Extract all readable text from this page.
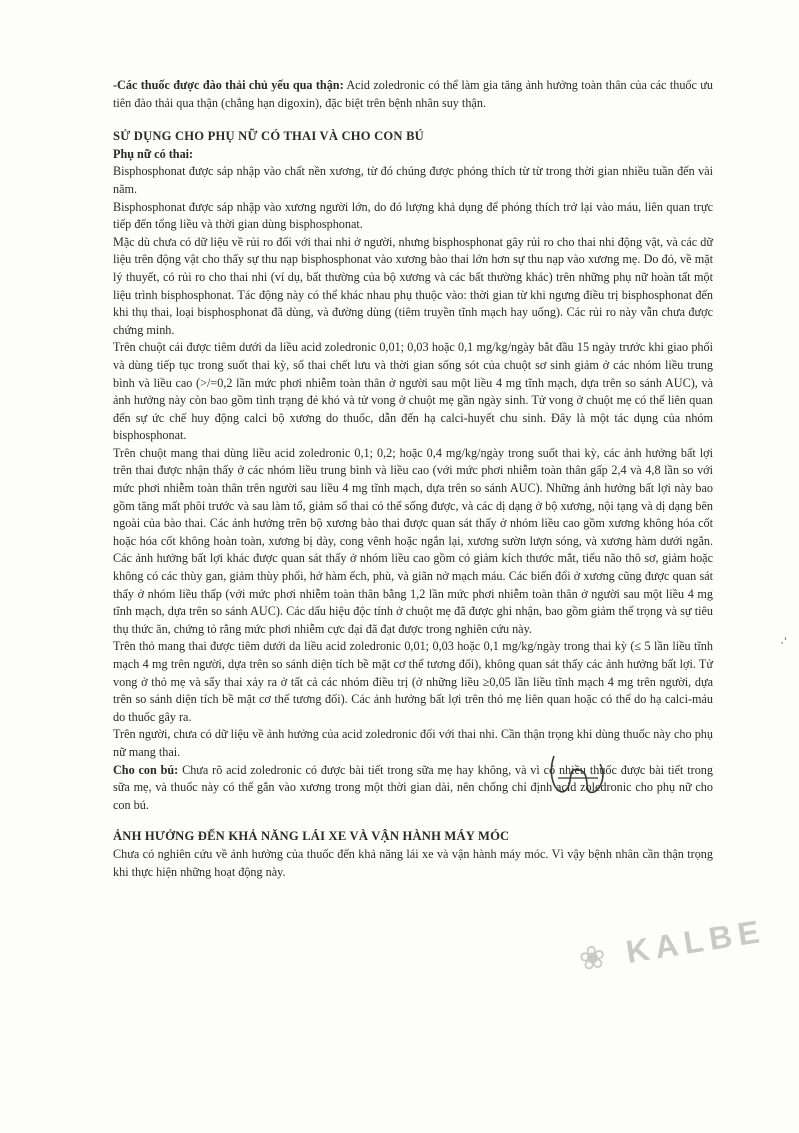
-Các thuốc được đào thải chủ yếu qua thận: Acid zoledronic có thể làm gia tăng ảnh hưởng toàn thân của các thuốc ưu tiên đào thải qua thận (chẳng hạn digoxin), đặc biệt trên bệnh nhân suy thận.

SỬ DỤNG CHO PHỤ NỮ CÓ THAI VÀ CHO CON BÚ

Phụ nữ có thai:

Bisphosphonat được sáp nhập vào chất nền xương, từ đó chúng được phóng thích từ từ trong thời gian nhiều tuần đến vài năm.

Bisphosphonat được sáp nhập vào xương người lớn, do đó lượng khả dụng để phóng thích trở lại vào máu, liên quan trực tiếp đến tổng liều và thời gian dùng bisphosphonat.

Mặc dù chưa có dữ liệu về rủi ro đối với thai nhi ở người, nhưng bisphosphonat gây rủi ro cho thai nhi động vật, và các dữ liệu trên động vật cho thấy sự thu nạp bisphosphonat vào xương bào thai lớn hơn sự thu nạp vào xương mẹ. Do đó, về mặt lý thuyết, có rủi ro cho thai nhi (ví dụ, bất thường của bộ xương và các bất thường khác) trên những phụ nữ hoàn tất một liệu trình bisphosphonat. Tác động này có thể khác nhau phụ thuộc vào: thời gian từ khi ngưng điều trị bisphosphonat đến khi thụ thai, loại bisphosphonat đã dùng, và đường dùng (tiêm truyền tĩnh mạch hay uống). Các rủi ro này vẫn chưa được chứng minh.

Trên chuột cái được tiêm dưới da liều acid zoledronic 0,01; 0,03 hoặc 0,1 mg/kg/ngày bắt đầu 15 ngày trước khi giao phối và dùng tiếp tục trong suốt thai kỳ, số thai chết lưu và thời gian sống sót của chuột sơ sinh giảm ở các nhóm liều trung bình và liều cao (>/=0,2 lần mức phơi nhiễm toàn thân ở người sau một liều 4 mg tĩnh mạch, dựa trên so sánh AUC), và ảnh hưởng này còn bao gồm tình trạng đẻ khó và tử vong ở chuột mẹ gần ngày sinh. Tử vong ở chuột mẹ có thể liên quan đến sự ức chế huy động calci bộ xương do thuốc, dẫn đến hạ calci-huyết chu sinh. Đây là một tác dụng của nhóm bisphosphonat.

Trên chuột mang thai dùng liều acid zoledronic 0,1; 0,2; hoặc 0,4 mg/kg/ngày trong suốt thai kỳ, các ảnh hưởng bất lợi trên thai được nhận thấy ở các nhóm liều trung bình và liều cao (với mức phơi nhiễm toàn thân gấp 2,4 và 4,8 lần so với mức phơi nhiễm toàn thân trên người sau liều 4 mg tĩnh mạch, dựa trên so sánh AUC). Những ảnh hưởng bất lợi này bao gồm tăng mất phôi trước và sau làm tổ, giảm số thai có thể sống được, và các dị dạng ở bộ xương, nội tạng và dị dạng bên ngoài của bào thai. Các ảnh hưởng trên bộ xương bào thai được quan sát thấy ở nhóm liều cao gồm xương không hóa cốt hoặc hóa cốt không hoàn toàn, xương bị dày, cong vênh hoặc ngắn lại, xương sườn lượn sóng, và xương hàm dưới ngắn. Các ảnh hưởng bất lợi khác được quan sát thấy ở nhóm liều cao gồm có giảm kích thước mắt, tiểu não thô sơ, giảm hoặc không có các thùy gan, giảm thùy phổi, hở hàm ếch, phù, và giãn nở mạch máu. Các biến đổi ở xương cũng được quan sát thấy ở nhóm liều thấp (với mức phơi nhiễm toàn thân bằng 1,2 lần mức phơi nhiễm toàn thân ở người sau một liều 4 mg tĩnh mạch, dựa trên so sánh AUC). Các dấu hiệu độc tính ở chuột mẹ đã được ghi nhận, bao gồm giảm thể trọng và sự tiêu thụ thức ăn, chứng tỏ rằng mức phơi nhiễm cực đại đã đạt được trong nghiên cứu này.

Trên thỏ mang thai được tiêm dưới da liều acid zoledronic 0,01; 0,03 hoặc 0,1 mg/kg/ngày trong thai kỳ (≤ 5 lần liều tĩnh mạch 4 mg trên người, dựa trên so sánh diện tích bề mặt cơ thể tương đối), không quan sát thấy các ảnh hưởng bất lợi. Tử vong ở thỏ mẹ và sẩy thai xảy ra ở tất cả các nhóm điều trị (ở những liều ≥0,05 lần liều tĩnh mạch 4 mg trên người, dựa trên so sánh diện tích bề mặt cơ thể tương đối). Các ảnh hưởng bất lợi trên thỏ mẹ liên quan hoặc có thể do hạ calci-máu do thuốc gây ra.

Trên người, chưa có dữ liệu về ảnh hưởng của acid zoledronic đối với thai nhi. Cần thận trọng khi dùng thuốc này cho phụ nữ mang thai.

Cho con bú: Chưa rõ acid zoledronic có được bài tiết trong sữa mẹ hay không, và vì có nhiều thuốc được bài tiết trong sữa mẹ, và thuốc này có thể gắn vào xương trong một thời gian dài, nên chống chỉ định acid zoledronic cho phụ nữ cho con bú.

ẢNH HƯỞNG ĐẾN KHẢ NĂNG LÁI XE VÀ VẬN HÀNH MÁY MÓC

Chưa có nghiên cứu về ảnh hưởng của thuốc đến khả năng lái xe và vận hành máy móc. Vì vậy bệnh nhân cần thận trọng khi thực hiện những hoạt động này.

❀ KALBE
·’
